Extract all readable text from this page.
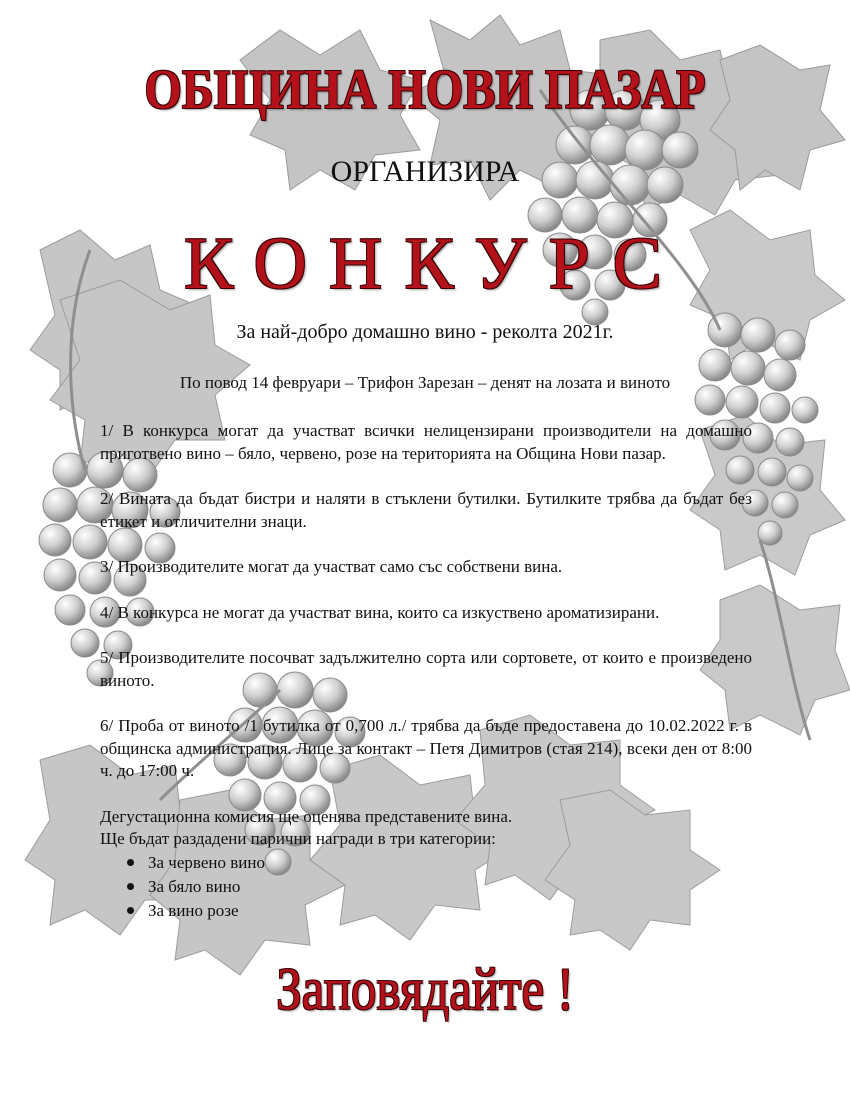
ОБЩИНА НОВИ ПАЗАР
ОРГАНИЗИРА
КОНКУРС
За най-добро домашно вино - реколта 2021г.
По повод 14 февруари – Трифон Зарезан – денят на лозата и виното

1/ В конкурса могат да участват всички нелицензирани производители на домашно приготвено вино – бяло, червено, розе на територията на Община Нови пазар.

2/ Вината да бъдат бистри и наляти в стъклени бутилки. Бутилките трябва да бъдат без етикет и отличителни знаци.

3/ Производителите могат да участват само със собствени вина.

4/ В конкурса не могат да участват вина, които са изкуствено ароматизирани.

5/ Производителите посочват задължително сорта или сортовете, от които е произведено виното.

6/ Проба от виното /1 бутилка от 0,700 л./ трябва да бъде предоставена до 10.02.2022 г. в общинска администрация. Лице за контакт – Петя Димитров (стая 214), всеки ден от 8:00 ч. до 17:00 ч.

Дегустационна комисия ще оценява представените вина.

Ще бъдат раздадени парични награди в три категории:

За червено вино
За бяло вино
За вино розе
Заповядайте !
